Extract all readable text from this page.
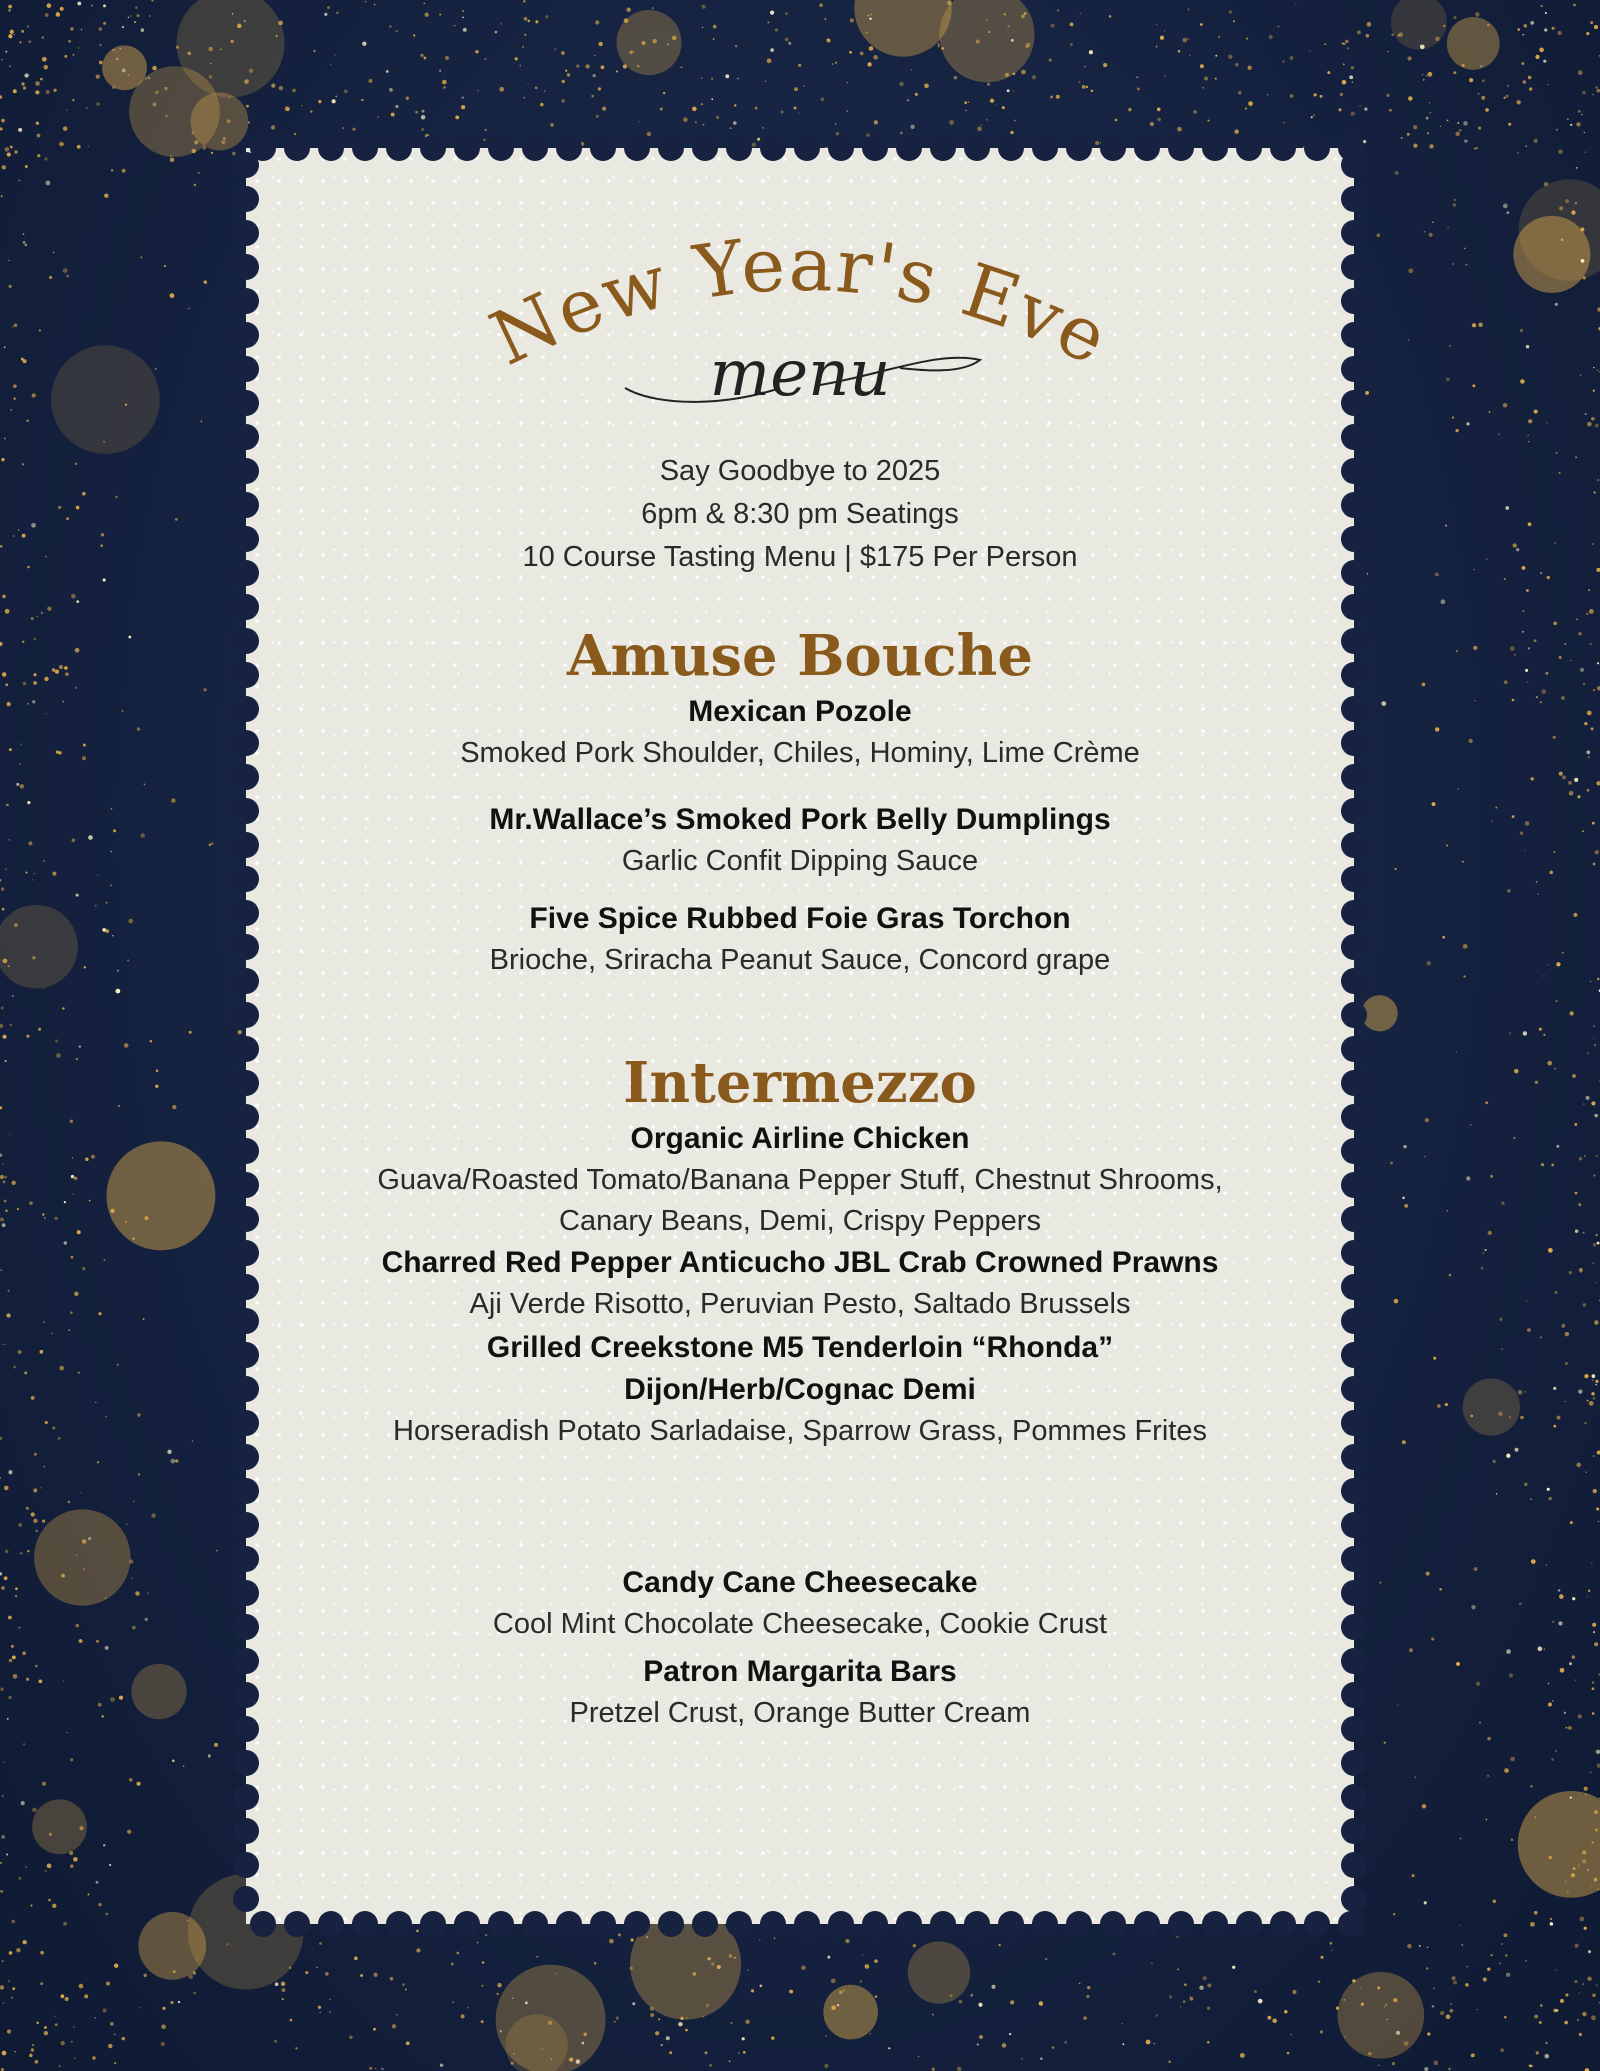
New Year's Eve
menu
Say Goodbye to 2025
6pm & 8:30 pm Seatings
10 Course Tasting Menu | $175 Per Person
Amuse Bouche
Mexican Pozole
Smoked Pork Shoulder, Chiles, Hominy, Lime Crème
Mr.Wallace’s Smoked Pork Belly Dumplings
Garlic Confit Dipping Sauce
Five Spice Rubbed Foie Gras Torchon
Brioche, Sriracha Peanut Sauce, Concord grape
Intermezzo
Organic Airline Chicken
Guava/Roasted Tomato/Banana Pepper Stuff, Chestnut Shrooms,
Canary Beans, Demi, Crispy Peppers
Charred Red Pepper Anticucho JBL Crab Crowned Prawns
Aji Verde Risotto, Peruvian Pesto, Saltado Brussels
Grilled Creekstone M5 Tenderloin “Rhonda”
Dijon/Herb/Cognac Demi
Horseradish Potato Sarladaise, Sparrow Grass, Pommes Frites
Candy Cane Cheesecake
Cool Mint Chocolate Cheesecake, Cookie Crust
Patron Margarita Bars
Pretzel Crust, Orange Butter Cream
